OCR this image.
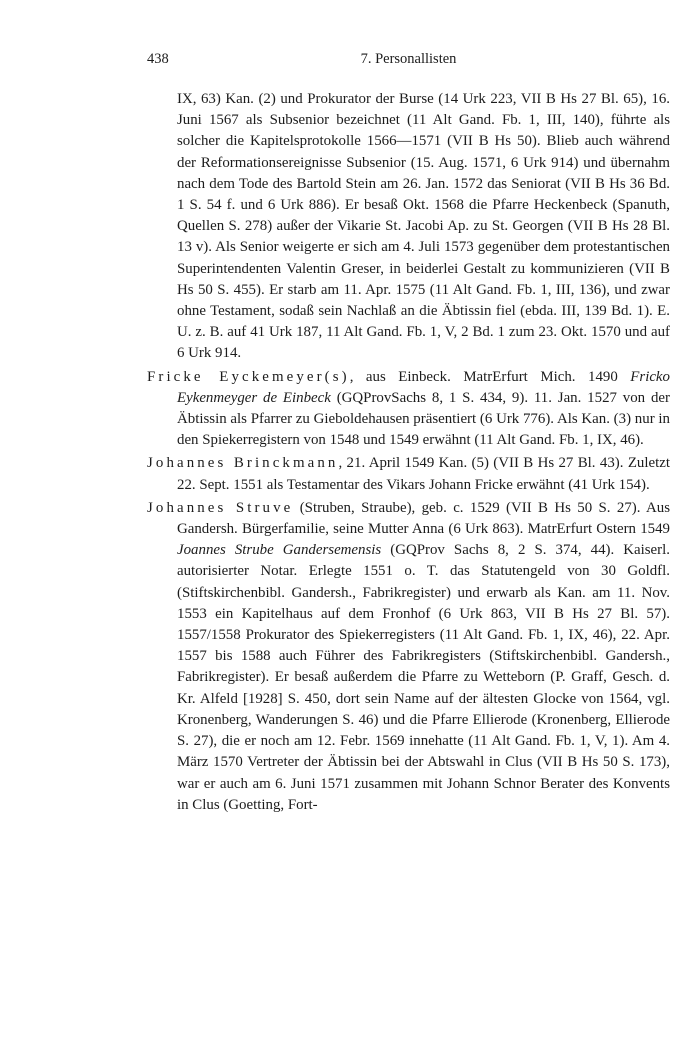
438	7. Personallisten

IX, 63) Kan. (2) und Prokurator der Burse (14 Urk 223, VII B Hs 27 Bl. 65), 16. Juni 1567 als Subsenior bezeichnet (11 Alt Gand. Fb. 1, III, 140), führte als solcher die Kapitelsprotokolle 1566—1571 (VII B Hs 50). Blieb auch während der Reformationsereignisse Subsenior (15. Aug. 1571, 6 Urk 914) und übernahm nach dem Tode des Bartold Stein am 26. Jan. 1572 das Seniorat (VII B Hs 36 Bd. 1 S. 54 f. und 6 Urk 886). Er besaß Okt. 1568 die Pfarre Heckenbeck (Spanuth, Quellen S. 278) außer der Vikarie St. Jacobi Ap. zu St. Georgen (VII B Hs 28 Bl. 13 v). Als Senior weigerte er sich am 4. Juli 1573 gegenüber dem protestantischen Superintendenten Valentin Greser, in beiderlei Gestalt zu kommunizieren (VII B Hs 50 S. 455). Er starb am 11. Apr. 1575 (11 Alt Gand. Fb. 1, III, 136), und zwar ohne Testament, sodaß sein Nachlaß an die Äbtissin fiel (ebda. III, 139 Bd. 1). E. U. z. B. auf 41 Urk 187, 11 Alt Gand. Fb. 1, V, 2 Bd. 1 zum 23. Okt. 1570 und auf 6 Urk 914.

Fricke Eyckemeyer(s), aus Einbeck. MatrErfurt Mich. 1490 Fricko Eykenmeyger de Einbeck (GQProvSachs 8, 1 S. 434, 9). 11. Jan. 1527 von der Äbtissin als Pfarrer zu Gieboldehausen präsentiert (6 Urk 776). Als Kan. (3) nur in den Spiekerregistern von 1548 und 1549 erwähnt (11 Alt Gand. Fb. 1, IX, 46).

Johannes Brinckmann, 21. April 1549 Kan. (5) (VII B Hs 27 Bl. 43). Zuletzt 22. Sept. 1551 als Testamentar des Vikars Johann Fricke erwähnt (41 Urk 154).

Johannes Struve (Struben, Straube), geb. c. 1529 (VII B Hs 50 S. 27). Aus Gandersh. Bürgerfamilie, seine Mutter Anna (6 Urk 863). MatrErfurt Ostern 1549 Joannes Strube Gandersemensis (GQProv Sachs 8, 2 S. 374, 44). Kaiserl. autorisierter Notar. Erlegte 1551 o. T. das Statutengeld von 30 Goldfl. (Stiftskirchenbibl. Gandersh., Fabrikregister) und erwarb als Kan. am 11. Nov. 1553 ein Kapitelhaus auf dem Fronhof (6 Urk 863, VII B Hs 27 Bl. 57). 1557/1558 Prokurator des Spiekerregisters (11 Alt Gand. Fb. 1, IX, 46), 22. Apr. 1557 bis 1588 auch Führer des Fabrikregisters (Stiftskirchenbibl. Gandersh., Fabrikregister). Er besaß außerdem die Pfarre zu Wetteborn (P. Graff, Gesch. d. Kr. Alfeld [1928] S. 450, dort sein Name auf der ältesten Glocke von 1564, vgl. Kronenberg, Wanderungen S. 46) und die Pfarre Ellierode (Kronenberg, Ellierode S. 27), die er noch am 12. Febr. 1569 innehatte (11 Alt Gand. Fb. 1, V, 1). Am 4. März 1570 Vertreter der Äbtissin bei der Abtswahl in Clus (VII B Hs 50 S. 173), war er auch am 6. Juni 1571 zusammen mit Johann Schnor Berater des Konvents in Clus (Goetting, Fort-
